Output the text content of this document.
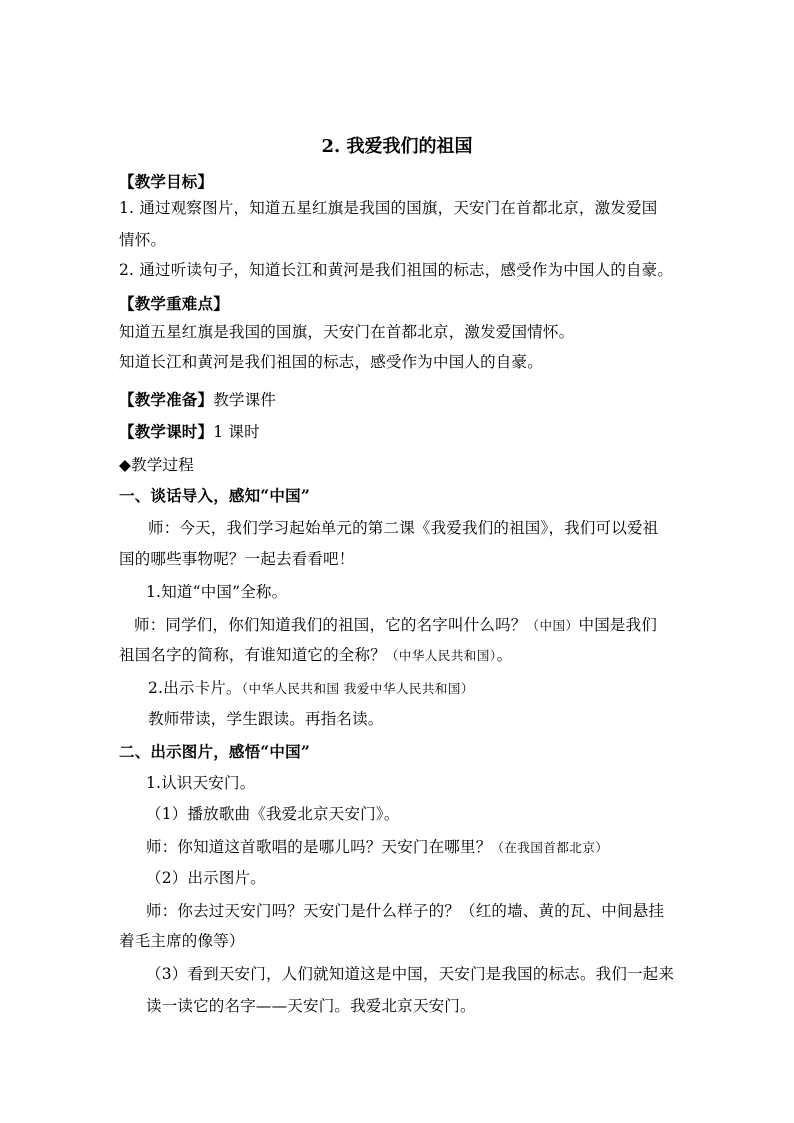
2. 我爱我们的祖国
【教学目标】
1. 通过观察图片，知道五星红旗是我国的国旗，天安门在首都北京，激发爱国
情怀。
2. 通过听读句子，知道长江和黄河是我们祖国的标志，感受作为中国人的自豪。
【教学重难点】
知道五星红旗是我国的国旗，天安门在首都北京，激发爱国情怀。
知道长江和黄河是我们祖国的标志，感受作为中国人的自豪。
【教学准备】教学课件
【教学课时】1 课时
◆教学过程
一、谈话导入，感知“中国”
师：今天，我们学习起始单元的第二课《我爱我们的祖国》，我们可以爱祖
国的哪些事物呢？一起去看看吧！
1.知道“中国”全称。
师：同学们，你们知道我们的祖国，它的名字叫什么吗？（中国）中国是我们
祖国名字的简称，有谁知道它的全称？（中华人民共和国）。
2.出示卡片。（中华人民共和国 我爱中华人民共和国）
教师带读，学生跟读。再指名读。
二、出示图片，感悟“中国”
1.认识天安门。
（1）播放歌曲《我爱北京天安门》。
师：你知道这首歌唱的是哪儿吗？天安门在哪里？（在我国首都北京）
（2）出示图片。
师：你去过天安门吗？天安门是什么样子的？（红的墙、黄的瓦、中间悬挂
着毛主席的像等）
（3）看到天安门，人们就知道这是中国，天安门是我国的标志。我们一起来
读一读它的名字——天安门。我爱北京天安门。
